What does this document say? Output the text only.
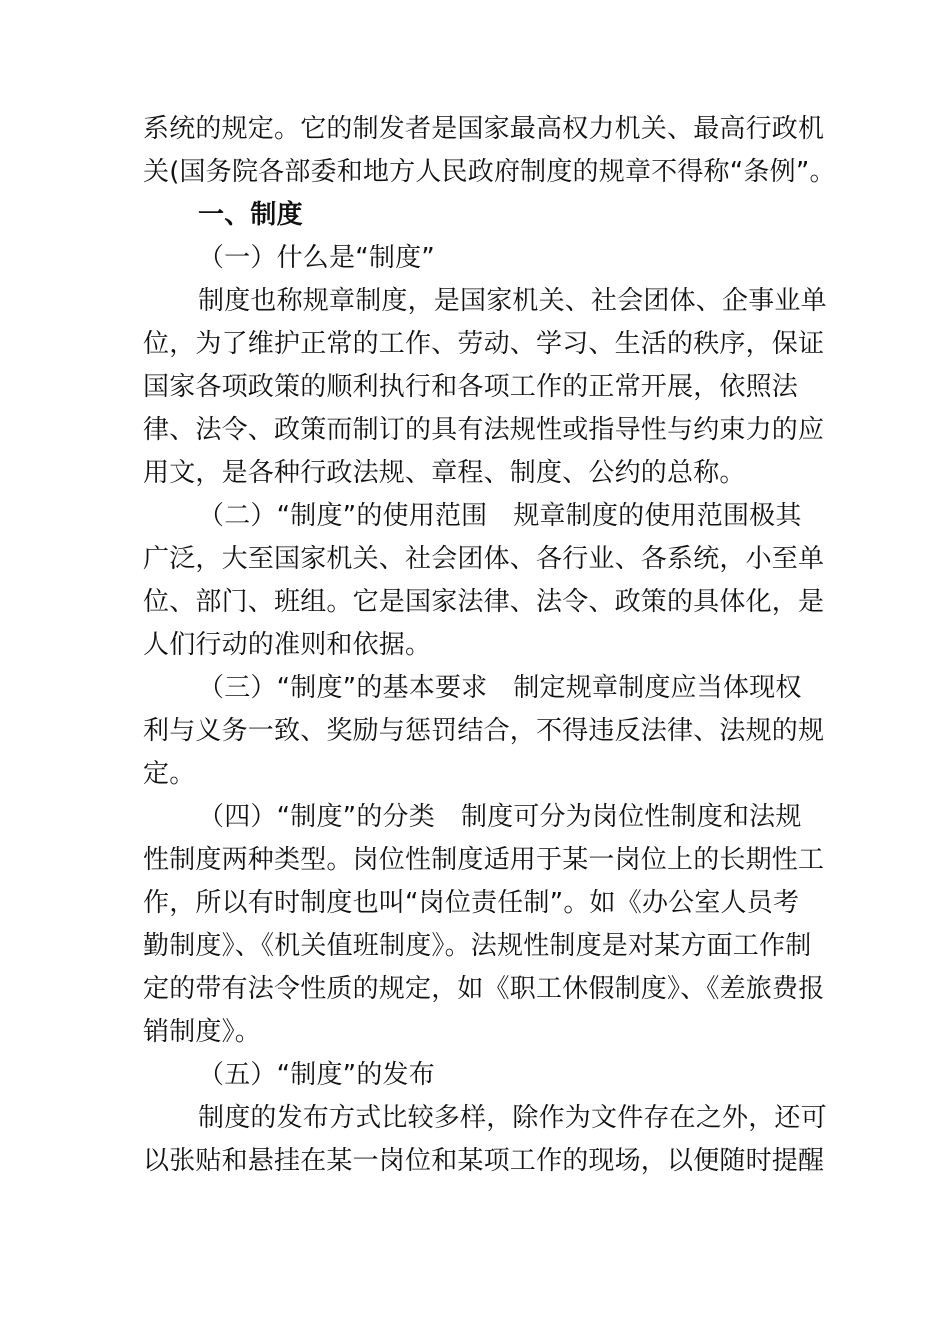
系统的规定。它的制发者是国家最高权力机关、最高行政机
关(国务院各部委和地方人民政府制度的规章不得称“条例”。
一、制度
（一）什么是“制度”
制度也称规章制度，是国家机关、社会团体、企事业单
位，为了维护正常的工作、劳动、学习、生活的秩序，保证
国家各项政策的顺利执行和各项工作的正常开展，依照法
律、法令、政策而制订的具有法规性或指导性与约束力的应
用文，是各种行政法规、章程、制度、公约的总称。
（二）“制度”的使用范围 规章制度的使用范围极其
广泛，大至国家机关、社会团体、各行业、各系统，小至单
位、部门、班组。它是国家法律、法令、政策的具体化，是
人们行动的准则和依据。
（三）“制度”的基本要求 制定规章制度应当体现权
利与义务一致、奖励与惩罚结合，不得违反法律、法规的规
定。
（四）“制度”的分类 制度可分为岗位性制度和法规
性制度两种类型。岗位性制度适用于某一岗位上的长期性工
作，所以有时制度也叫“岗位责任制”。如《办公室人员考
勤制度》、《机关值班制度》。法规性制度是对某方面工作制
定的带有法令性质的规定，如《职工休假制度》、《差旅费报
销制度》。
（五）“制度”的发布
制度的发布方式比较多样，除作为文件存在之外，还可
以张贴和悬挂在某一岗位和某项工作的现场，以便随时提醒
